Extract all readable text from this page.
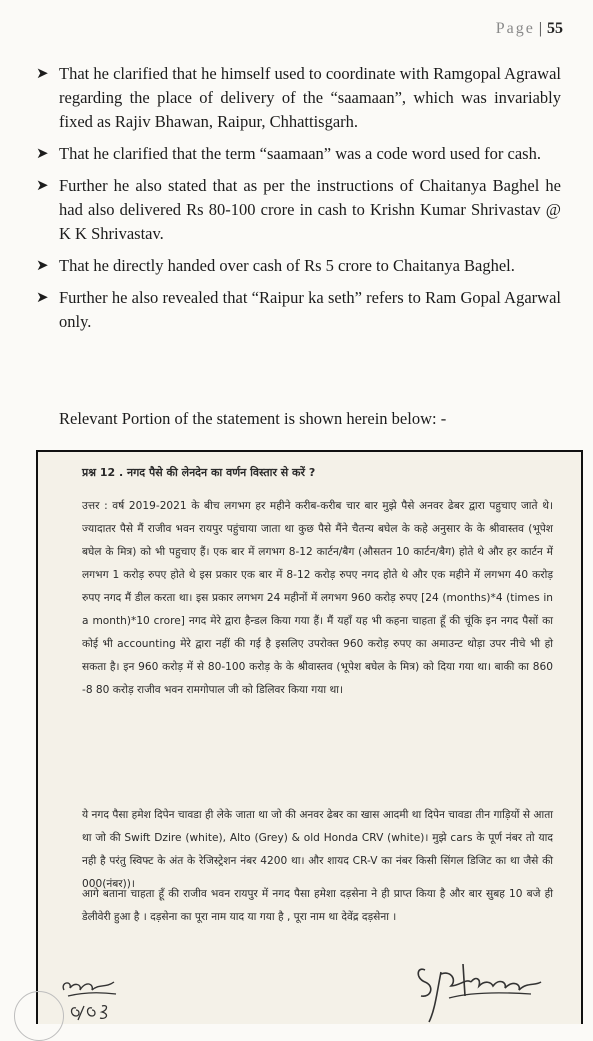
Page | 55
➤ That he clarified that he himself used to coordinate with Ramgopal Agrawal regarding the place of delivery of the “saamaan”, which was invariably fixed as Rajiv Bhawan, Raipur, Chhattisgarh.
➤ That he clarified that the term “saamaan” was a code word used for cash.
➤ Further he also stated that as per the instructions of Chaitanya Baghel he had also delivered Rs 80-100 crore in cash to Krishn Kumar Shrivastav @ K K Shrivastav.
➤ That he directly handed over cash of Rs 5 crore to Chaitanya Baghel.
➤ Further he also revealed that “Raipur ka seth” refers to Ram Gopal Agarwal only.
Relevant Portion of the statement is shown herein below: -
प्रश्न 12 . नगद पैसे की लेनदेन का वर्णन विस्तार से करें ?
उत्तर : वर्ष 2019-2021 के बीच लगभग हर महीने करीब-करीब चार बार मुझे पैसे अनवर ढेबर द्वारा पहुचाए जाते थे। ज्यादातर पैसे मैं राजीव भवन रायपुर पहुंचाया जाता था कुछ पैसे मैंने चैतन्य बघेल के कहे अनुसार के के श्रीवास्तव (भूपेश बघेल के मित्र) को भी पहुचाए हैं। एक बार में लगभग 8-12 कार्टन/बैग (औसतन 10 कार्टन/बैग) होते थे और हर कार्टन में लगभग 1 करोड़ रुपए होते थे इस प्रकार एक बार में 8-12 करोड़ रुपए नगद होते थे और एक महीने में लगभग 40 करोड़ रुपए नगद मैं डील करता था। इस प्रकार लगभग 24 महीनों में लगभग 960 करोड़ रुपए [24 (months)*4 (times in a month)*10 crore] नगद मेरे द्वारा हैन्डल किया गया हैं। मैं यहाँ यह भी कहना चाहता हूँ की चूंकि इन नगद पैसों का कोई भी accounting मेरे द्वारा नहीं की गई है इसलिए उपरोक्त 960 करोड़ रुपए का अमाउन्ट थोड़ा उपर नीचे भी हो सकता है। इन 960 करोड़ में से 80-100 करोड़ के के श्रीवास्तव (भूपेश बघेल के मित्र) को दिया गया था। बाकी का 860 -8 80 करोड़ राजीव भवन रामगोपाल जी को डिलिवर किया गया था।
ये नगद पैसा हमेश दिपेन चावडा ही लेके जाता था जो की अनवर ढेबर का खास आदमी था दिपेन चावडा तीन गाड़ियों से आता था जो की Swift Dzire (white), Alto (Grey) & old Honda CRV (white)। मुझे cars के पूर्ण नंबर तो याद नही है परंतु स्विफ्ट के अंत के रेजिस्ट्रेशन नंबर 4200 था। और शायद CR-V का नंबर किसी सिंगल डिजिट का था जैसे की 000(नंबर))।
आगे बताना चाहता हूँ की राजीव भवन रायपुर में नगद पैसा हमेशा दड़सेना ने ही प्राप्त किया है और बार सुबह 10 बजे ही डेलीवेरी हुआ है । दड़सेना का पूरा नाम याद या गया है , पूरा नाम था देवेंद्र दड़सेना ।
